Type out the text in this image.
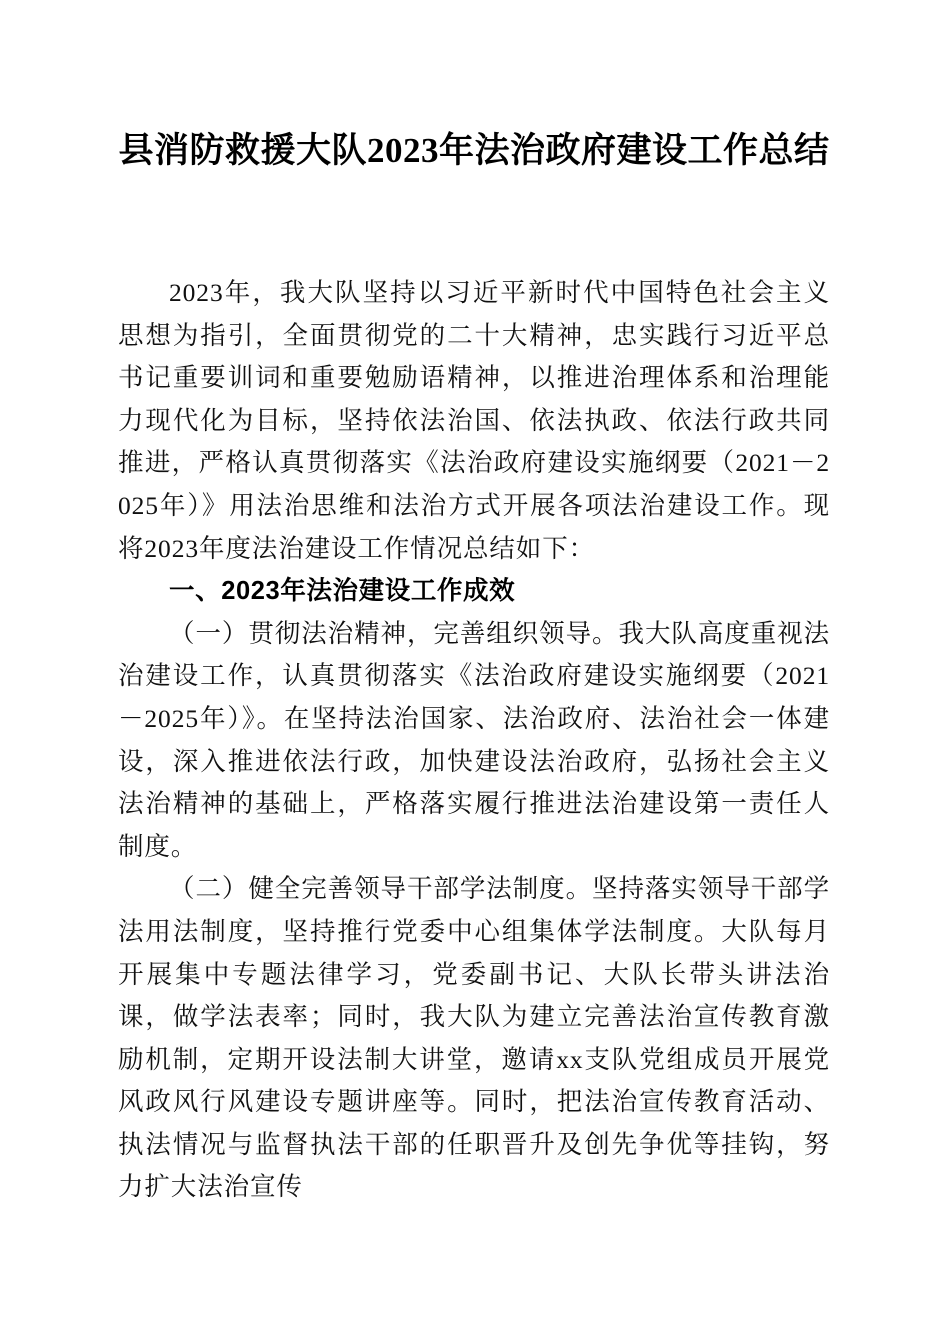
县消防救援大队2023年法治政府建设工作总结

2023年，我大队坚持以习近平新时代中国特色社会主义思想为指引，全面贯彻党的二十大精神，忠实践行习近平总书记重要训词和重要勉励语精神，以推进治理体系和治理能力现代化为目标，坚持依法治国、依法执政、依法行政共同推进，严格认真贯彻落实《法治政府建设实施纲要（2021－2025年）》用法治思维和法治方式开展各项法治建设工作。现将2023年度法治建设工作情况总结如下：

一、2023年法治建设工作成效

（一）贯彻法治精神，完善组织领导。我大队高度重视法治建设工作，认真贯彻落实《法治政府建设实施纲要（2021－2025年）》。在坚持法治国家、法治政府、法治社会一体建设，深入推进依法行政，加快建设法治政府，弘扬社会主义法治精神的基础上，严格落实履行推进法治建设第一责任人制度。

（二）健全完善领导干部学法制度。坚持落实领导干部学法用法制度，坚持推行党委中心组集体学法制度。大队每月开展集中专题法律学习，党委副书记、大队长带头讲法治课，做学法表率；同时，我大队为建立完善法治宣传教育激励机制，定期开设法制大讲堂，邀请xx支队党组成员开展党风政风行风建设专题讲座等。同时，把法治宣传教育活动、执法情况与监督执法干部的任职晋升及创先争优等挂钩，努力扩大法治宣传
